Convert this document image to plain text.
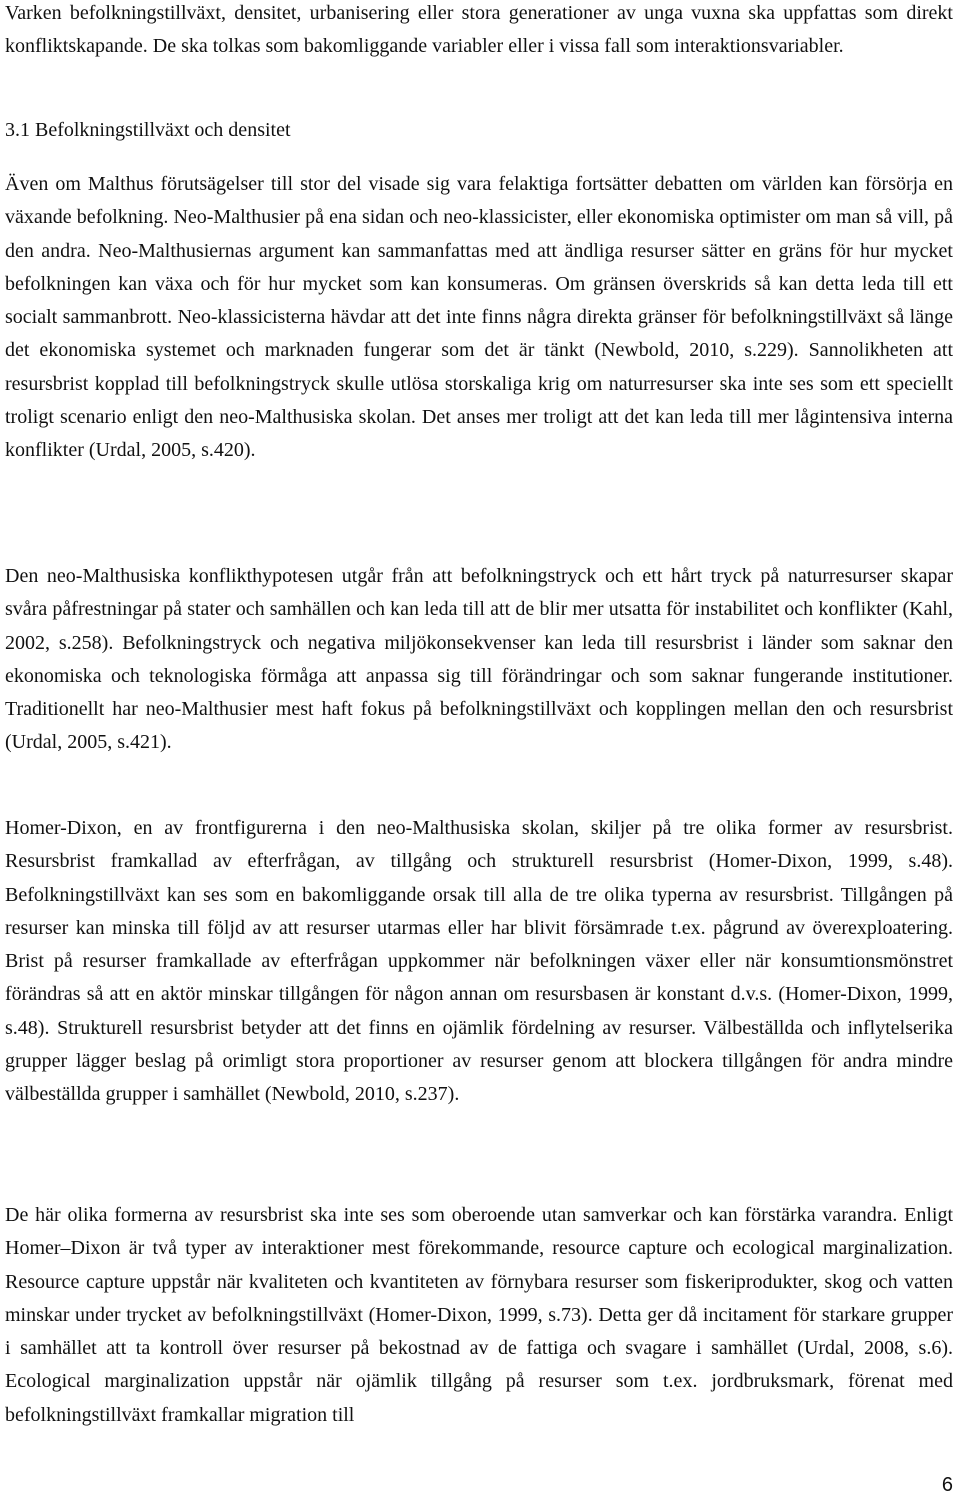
Varken befolkningstillväxt, densitet, urbanisering eller stora generationer av unga vuxna ska uppfattas som direkt konfliktskapande. De ska tolkas som bakomliggande variabler eller i vissa fall som interaktionsvariabler.

3.1 Befolkningstillväxt och densitet

Även om Malthus förutsägelser till stor del visade sig vara felaktiga fortsätter debatten om världen kan försörja en växande befolkning. Neo-Malthusier på ena sidan och neo-klassicister, eller ekonomiska optimister om man så vill, på den andra. Neo-Malthusiernas argument kan sammanfattas med att ändliga resurser sätter en gräns för hur mycket befolkningen kan växa och för hur mycket som kan konsumeras. Om gränsen överskrids så kan detta leda till ett socialt sammanbrott. Neo-klassicisterna hävdar att det inte finns några direkta gränser för befolkningstillväxt så länge det ekonomiska systemet och marknaden fungerar som det är tänkt (Newbold, 2010, s.229). Sannolikheten att resursbrist kopplad till befolkningstryck skulle utlösa storskaliga krig om naturresurser ska inte ses som ett speciellt troligt scenario enligt den neo-Malthusiska skolan. Det anses mer troligt att det kan leda till mer lågintensiva interna konflikter (Urdal, 2005, s.420).

Den neo-Malthusiska konflikthypotesen utgår från att befolkningstryck och ett hårt tryck på naturresurser skapar svåra påfrestningar på stater och samhällen och kan leda till att de blir mer utsatta för instabilitet och konflikter (Kahl, 2002, s.258). Befolkningstryck och negativa miljökonsekvenser kan leda till resursbrist i länder som saknar den ekonomiska och teknologiska förmåga att anpassa sig till förändringar och som saknar fungerande institutioner. Traditionellt har neo-Malthusier mest haft fokus på befolkningstillväxt och kopplingen mellan den och resursbrist (Urdal, 2005, s.421).

Homer-Dixon, en av frontfigurerna i den neo-Malthusiska skolan, skiljer på tre olika former av resursbrist. Resursbrist framkallad av efterfrågan, av tillgång och strukturell resursbrist (Homer-Dixon, 1999, s.48). Befolkningstillväxt kan ses som en bakomliggande orsak till alla de tre olika typerna av resursbrist. Tillgången på resurser kan minska till följd av att resurser utarmas eller har blivit försämrade t.ex. pågrund av överexploatering. Brist på resurser framkallade av efterfrågan uppkommer när befolkningen växer eller när konsumtionsmönstret förändras så att en aktör minskar tillgången för någon annan om resursbasen är konstant d.v.s. (Homer-Dixon, 1999, s.48). Strukturell resursbrist betyder att det finns en ojämlik fördelning av resurser. Välbeställda och inflytelserika grupper lägger beslag på orimligt stora proportioner av resurser genom att blockera tillgången för andra mindre välbeställda grupper i samhället (Newbold, 2010, s.237).

De här olika formerna av resursbrist ska inte ses som oberoende utan samverkar och kan förstärka varandra. Enligt Homer–Dixon är två typer av interaktioner mest förekommande, resource capture och ecological marginalization. Resource capture uppstår när kvaliteten och kvantiteten av förnybara resurser som fiskeriprodukter, skog och vatten minskar under trycket av befolkningstillväxt (Homer-Dixon, 1999, s.73). Detta ger då incitament för starkare grupper i samhället att ta kontroll över resurser på bekostnad av de fattiga och svagare i samhället (Urdal, 2008, s.6). Ecological marginalization uppstår när ojämlik tillgång på resurser som t.ex. jordbruksmark, förenat med befolkningstillväxt framkallar migration till

6
